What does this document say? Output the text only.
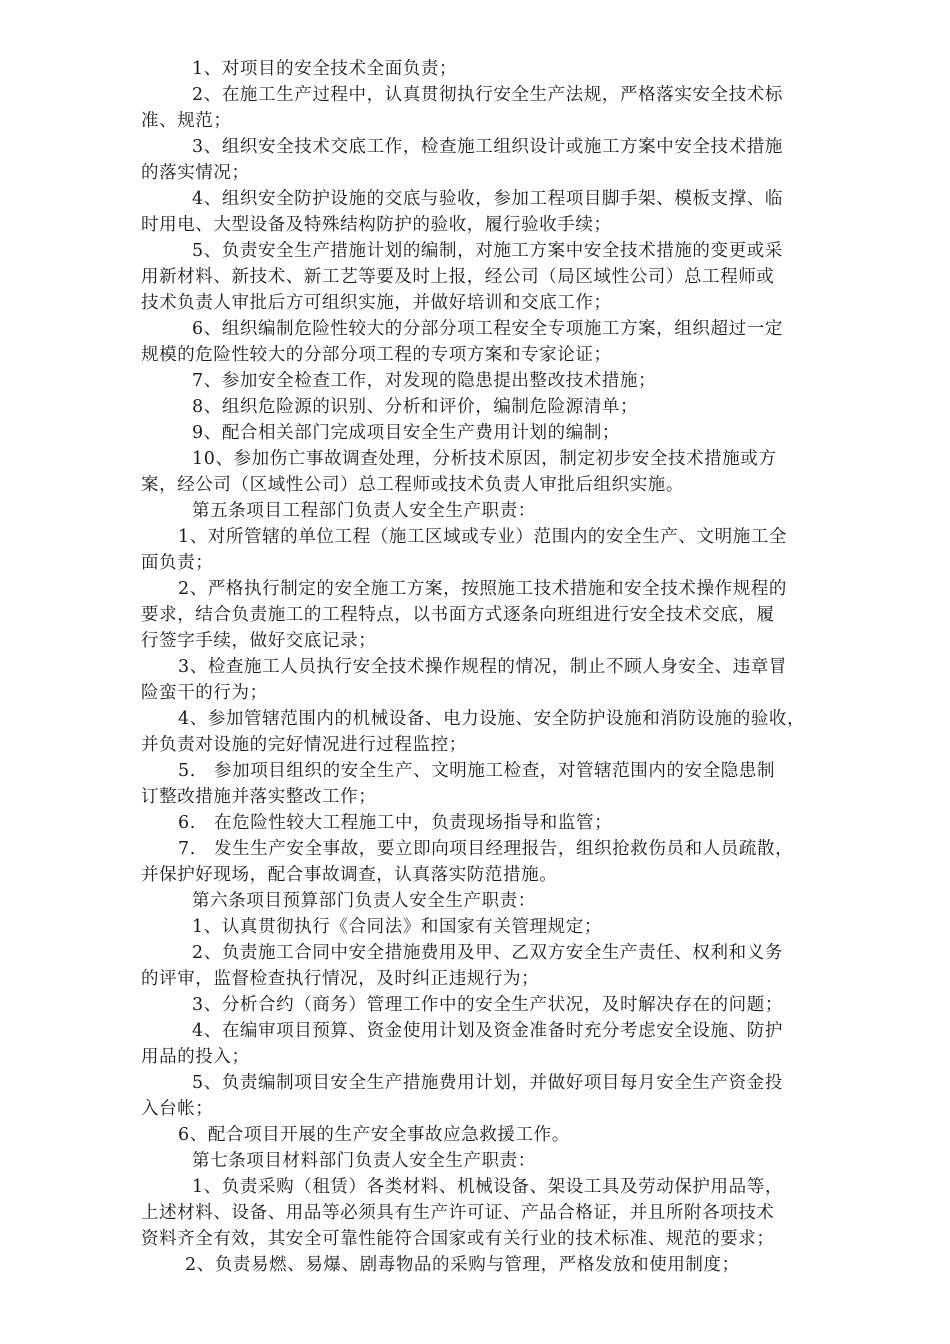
1、对项目的安全技术全面负责；
2、在施工生产过程中，认真贯彻执行安全生产法规，严格落实安全技术标
准、规范；
3、组织安全技术交底工作，检查施工组织设计或施工方案中安全技术措施
的落实情况；
4、组织安全防护设施的交底与验收，参加工程项目脚手架、模板支撑、临
时用电、大型设备及特殊结构防护的验收，履行验收手续；
5、负责安全生产措施计划的编制，对施工方案中安全技术措施的变更或采
用新材料、新技术、新工艺等要及时上报，经公司（局区域性公司）总工程师或
技术负责人审批后方可组织实施，并做好培训和交底工作；
6、组织编制危险性较大的分部分项工程安全专项施工方案，组织超过一定
规模的危险性较大的分部分项工程的专项方案和专家论证；
7、参加安全检查工作，对发现的隐患提出整改技术措施；
8、组织危险源的识别、分析和评价，编制危险源清单；
9、配合相关部门完成项目安全生产费用计划的编制；
10、参加伤亡事故调查处理，分析技术原因，制定初步安全技术措施或方
案，经公司（区域性公司）总工程师或技术负责人审批后组织实施。
第五条项目工程部门负责人安全生产职责：
1、对所管辖的单位工程（施工区域或专业）范围内的安全生产、文明施工全
面负责；
2、严格执行制定的安全施工方案，按照施工技术措施和安全技术操作规程的
要求，结合负责施工的工程特点，以书面方式逐条向班组进行安全技术交底，履
行签字手续，做好交底记录；
3、检查施工人员执行安全技术操作规程的情况，制止不顾人身安全、违章冒
险蛮干的行为；
4、参加管辖范围内的机械设备、电力设施、安全防护设施和消防设施的验收，
并负责对设施的完好情况进行过程监控；
5.　参加项目组织的安全生产、文明施工检查，对管辖范围内的安全隐患制
订整改措施并落实整改工作；
6.　在危险性较大工程施工中，负责现场指导和监管；
7.　发生生产安全事故，要立即向项目经理报告，组织抢救伤员和人员疏散，
并保护好现场，配合事故调查，认真落实防范措施。
第六条项目预算部门负责人安全生产职责：
1、认真贯彻执行《合同法》和国家有关管理规定；
2、负责施工合同中安全措施费用及甲、乙双方安全生产责任、权利和义务
的评审，监督检查执行情况，及时纠正违规行为；
3、分析合约（商务）管理工作中的安全生产状况，及时解决存在的问题；
4、在编审项目预算、资金使用计划及资金准备时充分考虑安全设施、防护
用品的投入；
5、负责编制项目安全生产措施费用计划，并做好项目每月安全生产资金投
入台帐；
6、配合项目开展的生产安全事故应急救援工作。
第七条项目材料部门负责人安全生产职责：
1、负责采购（租赁）各类材料、机械设备、架设工具及劳动保护用品等，
上述材料、设备、用品等必须具有生产许可证、产品合格证，并且所附各项技术
资料齐全有效，其安全可靠性能符合国家或有关行业的技术标准、规范的要求；
2、负责易燃、易爆、剧毒物品的采购与管理，严格发放和使用制度；
